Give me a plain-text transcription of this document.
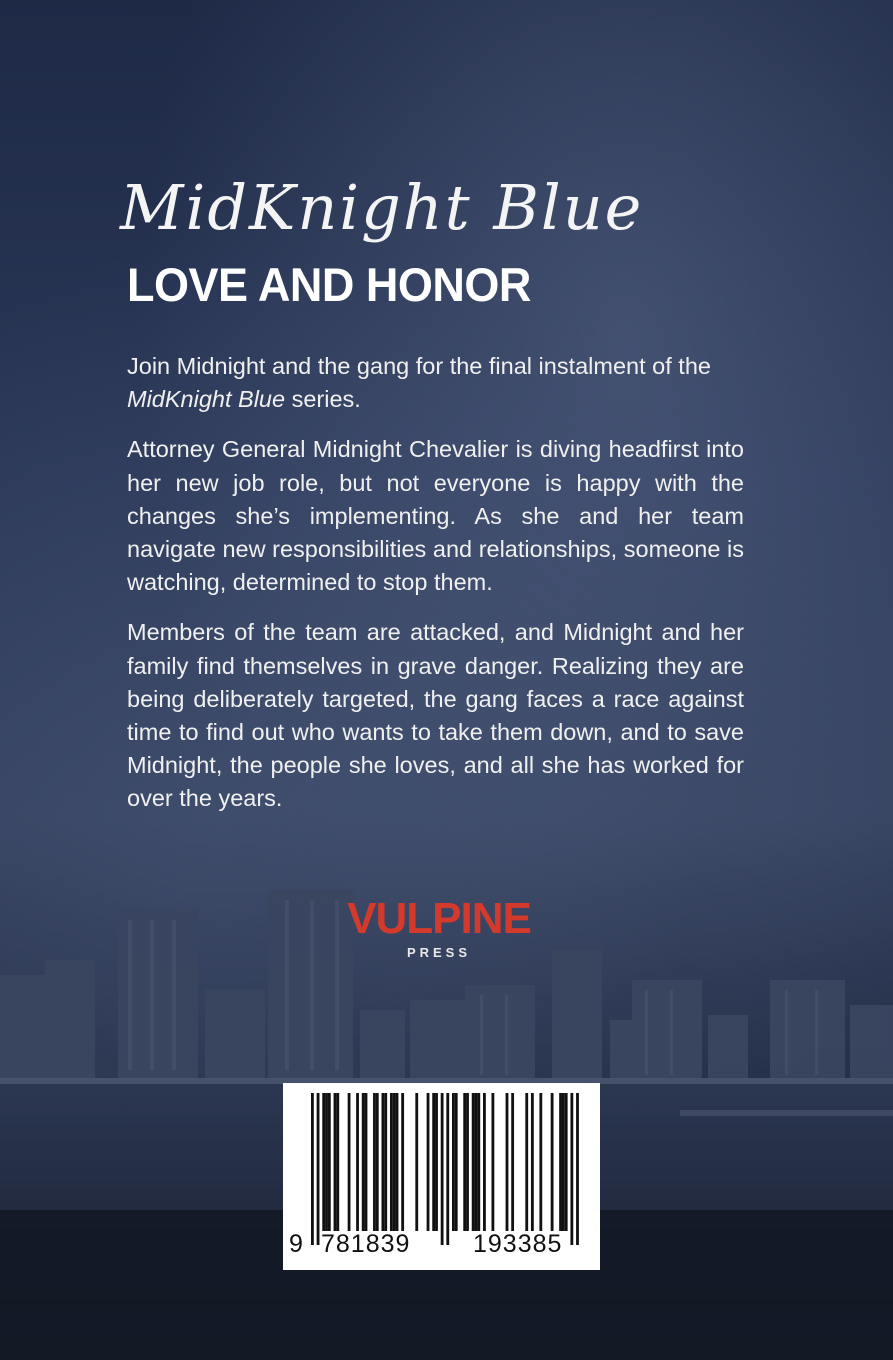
MidKnight Blue
LOVE AND HONOR

Join Midnight and the gang for the final instalment of the MidKnight Blue series.

Attorney General Midnight Chevalier is diving headfirst into her new job role, but not everyone is happy with the changes she’s implementing. As she and her team navigate new responsibilities and relationships, someone is watching, determined to stop them.

Members of the team are attacked, and Midnight and her family find themselves in grave danger. Realizing they are being deliberately targeted, the gang faces a race against time to find out who wants to take them down, and to save Midnight, the people she loves, and all she has worked for over the years.

VULPINE
PRESS
9 781839	193385
